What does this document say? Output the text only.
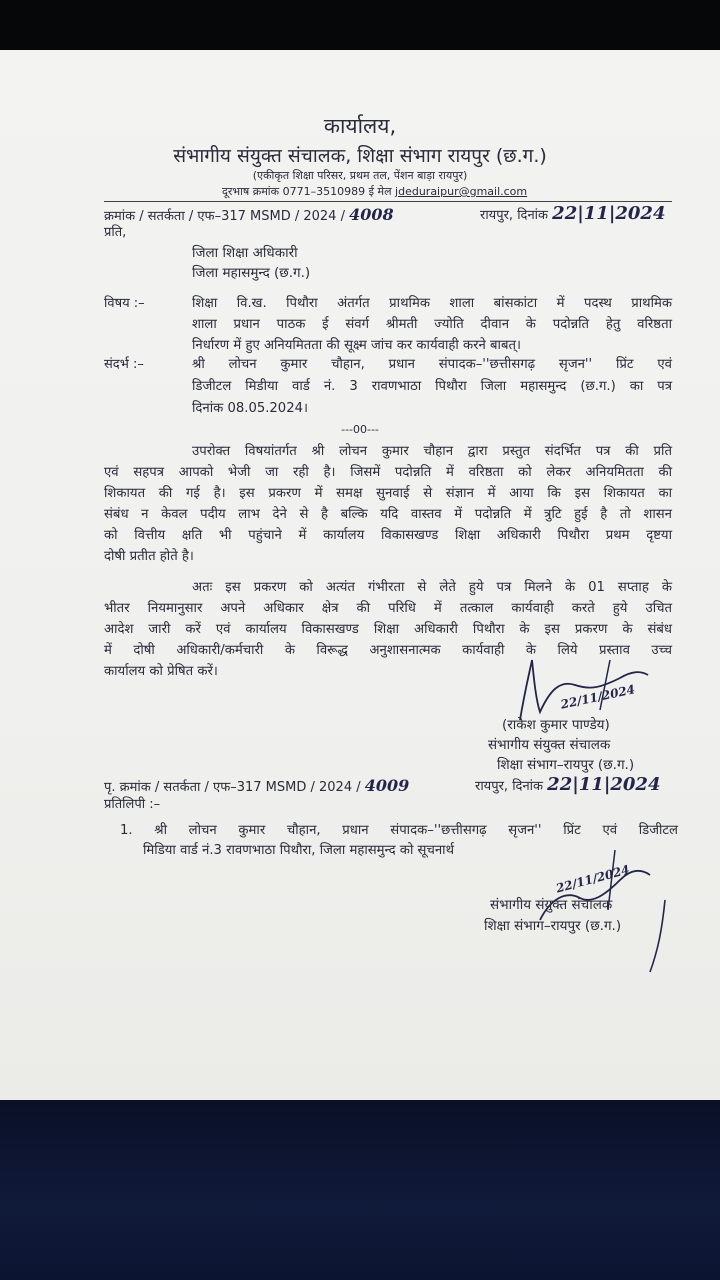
कार्यालय,
संभागीय संयुक्त संचालक, शिक्षा संभाग रायपुर (छ.ग.)
(एकीकृत शिक्षा परिसर, प्रथम तल, पेंशन बाड़ा रायपुर)
दूरभाष क्रमांक 0771–3510989 ई मेल jdeduraipur@gmail.com
क्रमांक / सतर्कता / एफ–317 MSMD / 2024 / 4008	रायपुर, दिनांक 22|11|2024
प्रति,
जिला शिक्षा अधिकारी
जिला महासमुन्द (छ.ग.)
विषय :–	शिक्षा वि.ख. पिथौरा अंतर्गत प्राथमिक शाला बांसकांटा में पदस्थ प्राथमिक
शाला प्रधान पाठक ई संवर्ग श्रीमती ज्योति दीवान के पदोन्नति हेतु वरिष्ठता
निर्धारण में हुए अनियमितता की सूक्ष्म जांच कर कार्यवाही करने बाबत्।
संदर्भ :–	श्री लोचन कुमार चौहान, प्रधान संपादक–''छत्तीसगढ़ सृजन'' प्रिंट एवं
डिजीटल मिडीया वार्ड नं. 3 रावणभाठा पिथौरा जिला महासमुन्द (छ.ग.) का पत्र
दिनांक 08.05.2024।
---00---
उपरोक्त विषयांतर्गत श्री लोचन कुमार चौहान द्वारा प्रस्तुत संदर्भित पत्र की प्रति
एवं सहपत्र आपको भेजी जा रही है। जिसमें पदोन्नति में वरिष्ठता को लेकर अनियमितता की
शिकायत की गई है। इस प्रकरण में समक्ष सुनवाई से संज्ञान में आया कि इस शिकायत का
संबंध न केवल पदीय लाभ देने से है बल्कि यदि वास्तव में पदोन्नति में त्रुटि हुई है तो शासन
को वित्तीय क्षति भी पहुंचाने में कार्यालय विकासखण्ड शिक्षा अधिकारी पिथौरा प्रथम दृष्टया
दोषी प्रतीत होते है।
अतः इस प्रकरण को अत्यंत गंभीरता से लेते हुये पत्र मिलने के 01 सप्ताह के
भीतर नियमानुसार अपने अधिकार क्षेत्र की परिधि में तत्काल कार्यवाही करते हुये उचित
आदेश जारी करें एवं कार्यालय विकासखण्ड शिक्षा अधिकारी पिथौरा के इस प्रकरण के संबंध
में दोषी अधिकारी/कर्मचारी के विरूद्ध अनुशासनात्मक कार्यवाही के लिये प्रस्ताव उच्च
कार्यालय को प्रेषित करें।
22/11/2024
(राकेश कुमार पाण्डेय)
संभागीय संयुक्त संचालक
शिक्षा संभाग–रायपुर (छ.ग.)
पृ. क्रमांक / सतर्कता / एफ–317 MSMD / 2024 / 4009	रायपुर, दिनांक 22|11|2024
प्रतिलिपी :–
1. श्री लोचन कुमार चौहान, प्रधान संपादक–''छत्तीसगढ़ सृजन'' प्रिंट एवं डिजीटल
मिडिया वार्ड नं.3 रावणभाठा पिथौरा, जिला महासमुन्द को सूचनार्थ
22/11/2024
संभागीय संयुक्त संचालक
शिक्षा संभाग–रायपुर (छ.ग.)
